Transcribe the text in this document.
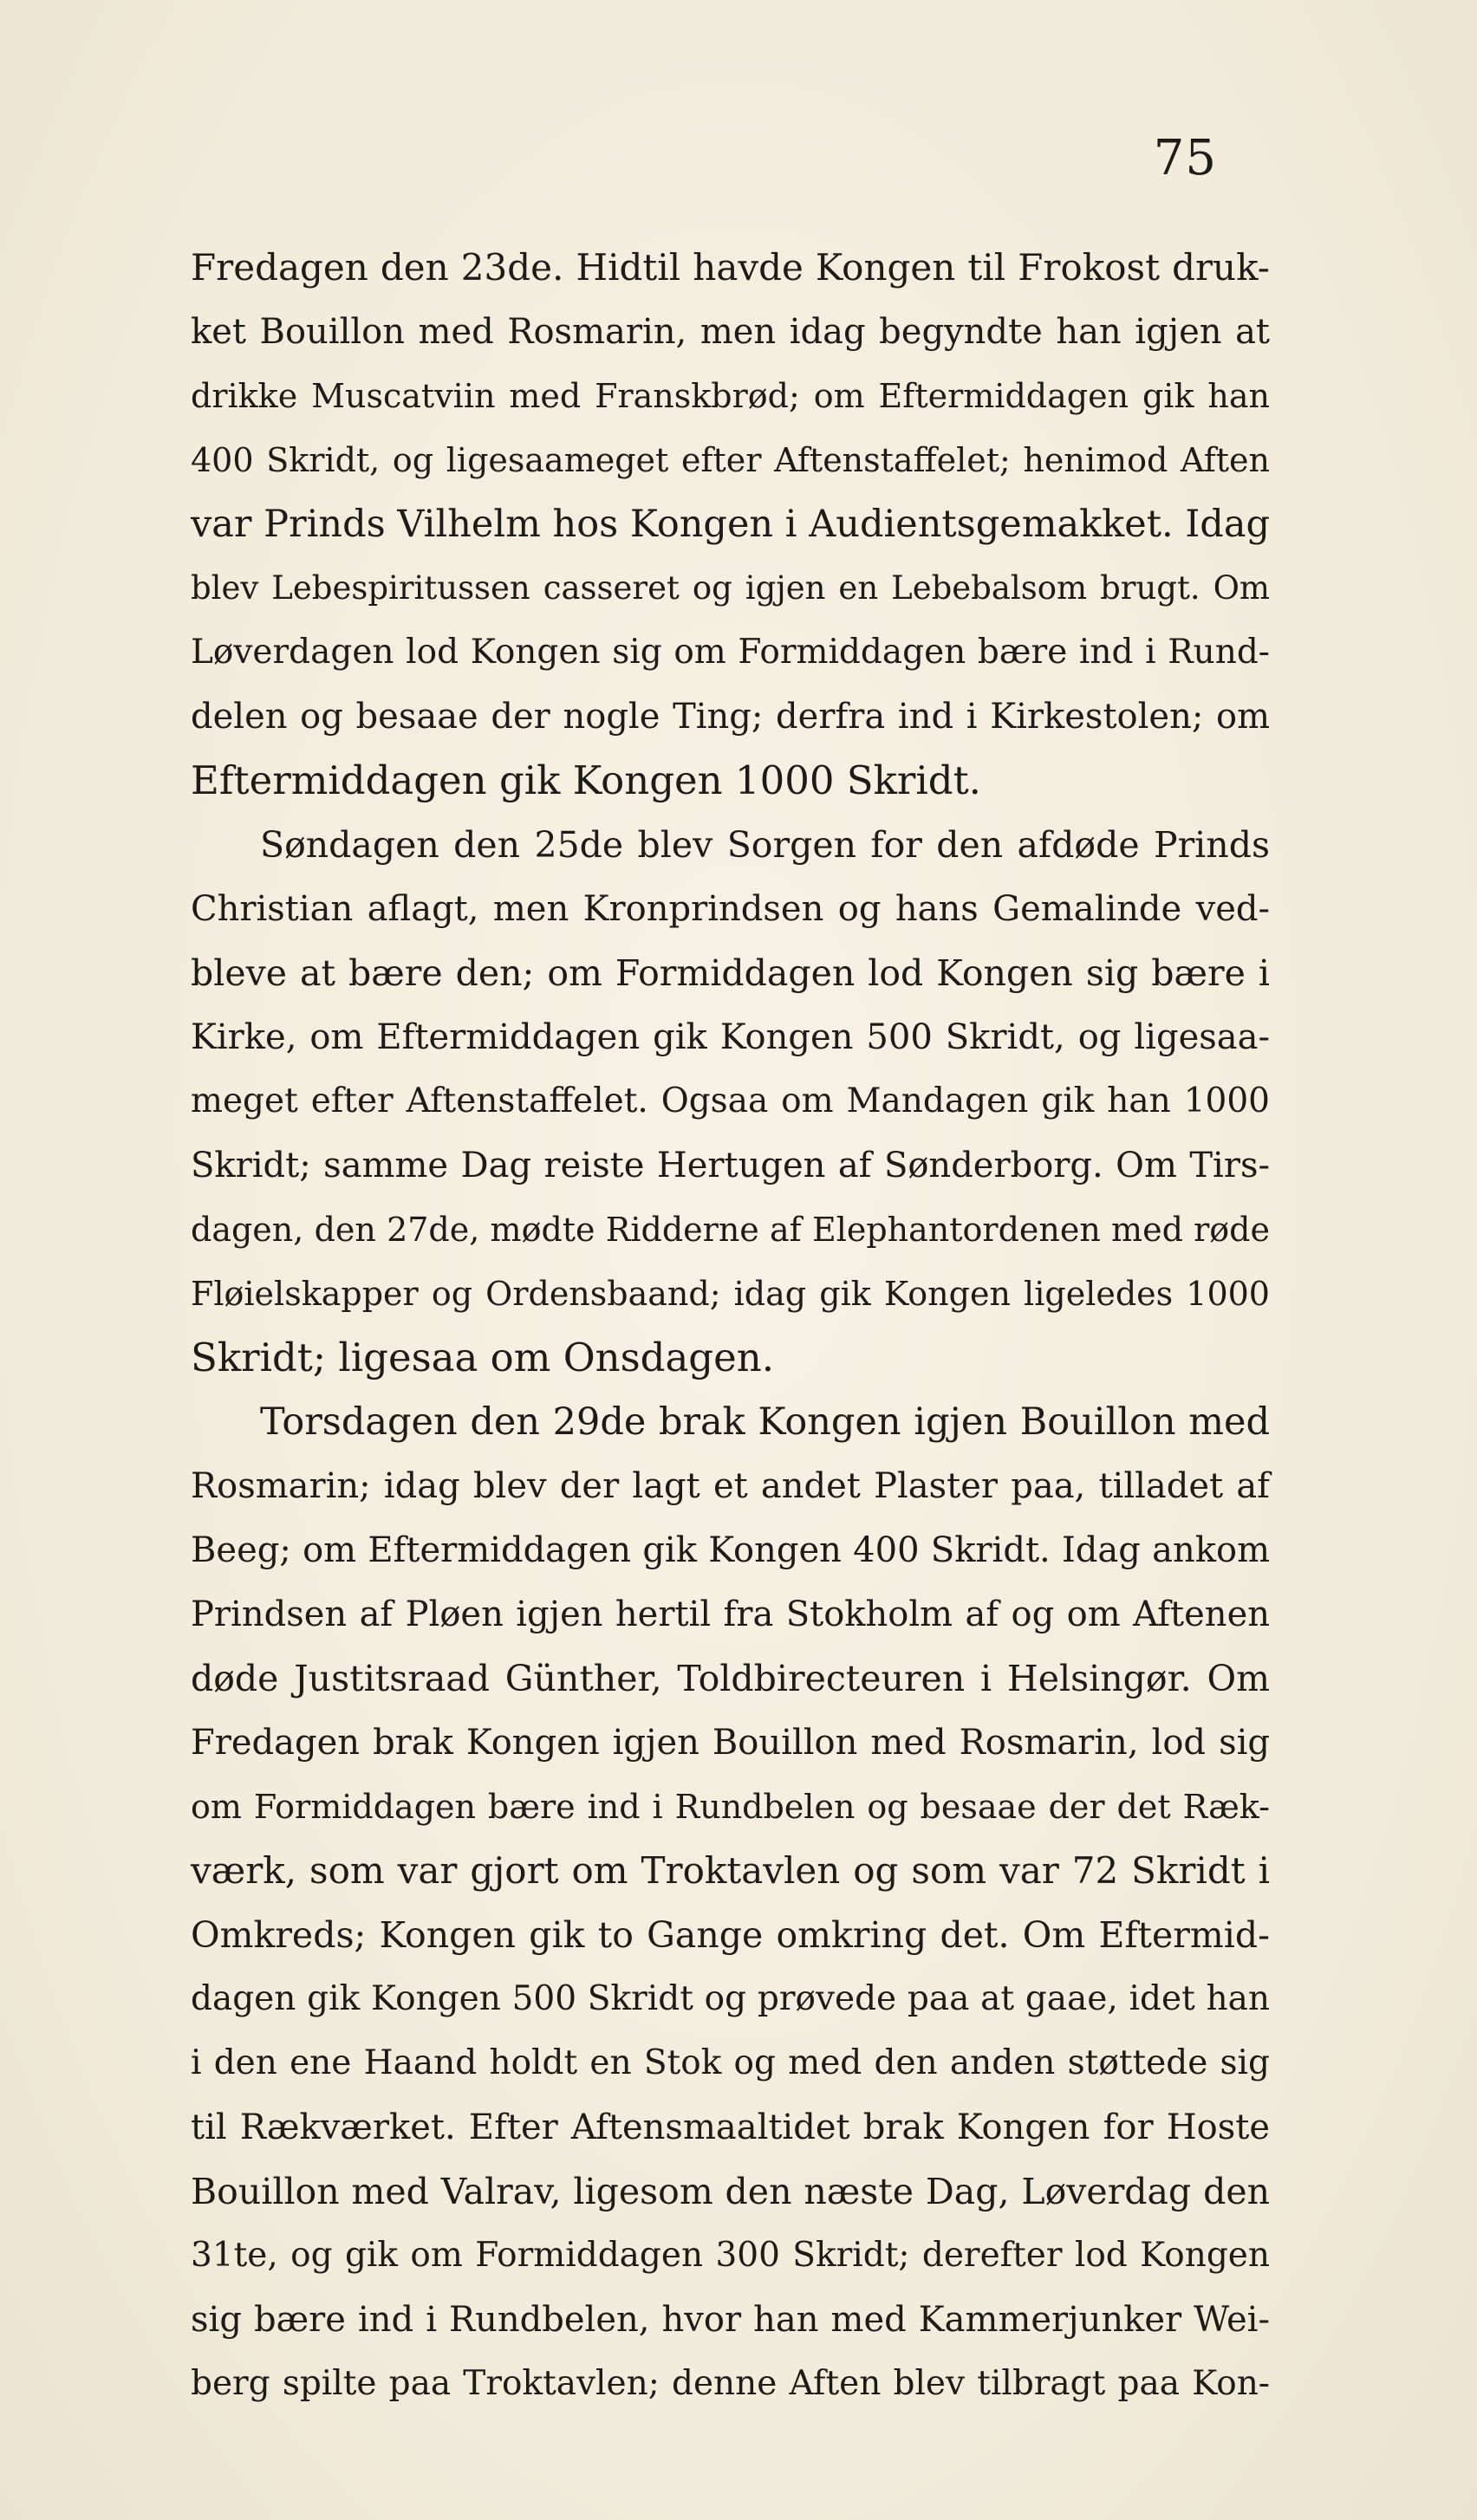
75
Fredagen den 23de. Hidtil havde Kongen til Frokost druk-
ket Bouillon med Rosmarin, men idag begyndte han igjen at
drikke Muscatviin med Franskbrød; om Eftermiddagen gik han
400 Skridt, og ligesaameget efter Aftenstaffelet; henimod Aften
var Prinds Vilhelm hos Kongen i Audientsgemakket. Idag
blev Lebespiritussen casseret og igjen en Lebebalsom brugt. Om
Løverdagen lod Kongen sig om Formiddagen bære ind i Rund-
delen og besaae der nogle Ting; derfra ind i Kirkestolen; om
Eftermiddagen gik Kongen 1000 Skridt.
Søndagen den 25de blev Sorgen for den afdøde Prinds
Christian aflagt, men Kronprindsen og hans Gemalinde ved-
bleve at bære den; om Formiddagen lod Kongen sig bære i
Kirke, om Eftermiddagen gik Kongen 500 Skridt, og ligesaa-
meget efter Aftenstaffelet. Ogsaa om Mandagen gik han 1000
Skridt; samme Dag reiste Hertugen af Sønderborg. Om Tirs-
dagen, den 27de, mødte Ridderne af Elephantordenen med røde
Fløielskapper og Ordensbaand; idag gik Kongen ligeledes 1000
Skridt; ligesaa om Onsdagen.
Torsdagen den 29de brak Kongen igjen Bouillon med
Rosmarin; idag blev der lagt et andet Plaster paa, tilladet af
Beeg; om Eftermiddagen gik Kongen 400 Skridt. Idag ankom
Prindsen af Pløen igjen hertil fra Stokholm af og om Aftenen
døde Justitsraad Günther, Toldbirecteuren i Helsingør. Om
Fredagen brak Kongen igjen Bouillon med Rosmarin, lod sig
om Formiddagen bære ind i Rundbelen og besaae der det Ræk-
værk, som var gjort om Troktavlen og som var 72 Skridt i
Omkreds; Kongen gik to Gange omkring det. Om Eftermid-
dagen gik Kongen 500 Skridt og prøvede paa at gaae, idet han
i den ene Haand holdt en Stok og med den anden støttede sig
til Rækværket. Efter Aftensmaaltidet brak Kongen for Hoste
Bouillon med Valrav, ligesom den næste Dag, Løverdag den
31te, og gik om Formiddagen 300 Skridt; derefter lod Kongen
sig bære ind i Rundbelen, hvor han med Kammerjunker Wei-
berg spilte paa Troktavlen; denne Aften blev tilbragt paa Kon-
